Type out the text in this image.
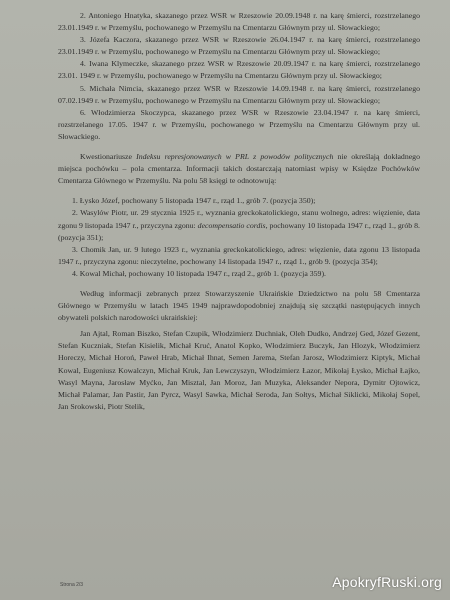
2. Antoniego Hnatyka, skazanego przez WSR w Rzeszowie 20.09.1948 r. na karę śmierci, rozstrzelanego 23.01.1949 r. w Przemyślu, pochowanego w Przemyślu na Cmentarzu Głównym przy ul. Słowackiego;

3. Józefa Kaczora, skazanego przez WSR w Rzeszowie 26.04.1947 r. na karę śmierci, rozstrzelanego 23.01.1949 r. w Przemyślu, pochowanego w Przemyślu na Cmentarzu Głównym przy ul. Słowackiego;

4. Iwana Klymeczke, skazanego przez WSR w Rzeszowie 20.09.1947 r. na karę śmierci, rozstrzelanego 23.01. 1949 r. w Przemyślu, pochowanego w Przemyślu na Cmentarzu Głównym przy ul. Słowackiego;

5. Michała Nimcia, skazanego przez WSR w Rzeszowie 14.09.1948 r. na karę śmierci, rozstrzelanego 07.02.1949 r. w Przemyślu, pochowanego w Przemyślu na Cmentarzu Głównym przy ul. Słowackiego;

6. Włodzimierza Skoczypca, skazanego przez WSR w Rzeszowie 23.04.1947 r. na karę śmierci, rozstrzelanego 17.05. 1947 r. w Przemyślu, pochowanego w Przemyślu na Cmentarzu Głównym przy ul. Słowackiego.

Kwestionariusze Indeksu represjonowanych w PRL z powodów politycznych nie określają dokładnego miejsca pochówku – pola cmentarza. Informacji takich dostarczają natomiast wpisy w Księdze Pochówków Cmentarza Głównego w Przemyślu. Na polu 58 księgi te odnotowują:

1. Łysko Józef, pochowany 5 listopada 1947 r., rząd 1., grób 7. (pozycja 350);

2. Wasylów Piotr, ur. 29 stycznia 1925 r., wyznania greckokatolickiego, stanu wolnego, adres: więzienie, data zgonu 9 listopada 1947 r., przyczyna zgonu: decompensatio cordis, pochowany 10 listopada 1947 r., rząd 1., grób 8. (pozycja 351);

3. Chomik Jan, ur. 9 lutego 1923 r., wyznania greckokatolickiego, adres: więzienie, data zgonu 13 listopada 1947 r., przyczyna zgonu: nieczytelne, pochowany 14 listopada 1947 r., rząd 1., grób 9. (pozycja 354);

4. Kowal Michał, pochowany 10 listopada 1947 r., rząd 2., grób 1. (pozycja 359).

Według informacji zebranych przez Stowarzyszenie Ukraińskie Dziedzictwo na polu 58 Cmentarza Głównego w Przemyślu w latach 1945 1949 najprawdopodobniej znajdują się szczątki następujących innych obywateli polskich narodowości ukraińskiej:

Jan Ajtal, Roman Biszko, Stefan Czupik, Włodzimierz Duchniak, Oleh Dudko, Andrzej Ged, Józef Gezent, Stefan Kuczniak, Stefan Kisielik, Michał Kruć, Anatol Kopko, Włodzimierz Buczyk, Jan Hlozyk, Włodzimierz Horeczy, Michał Horoń, Paweł Hrab, Michał Ihnat, Semen Jarema, Stefan Jarosz, Włodzimierz Kiptyk, Michał Kowal, Eugeniusz Kowalczyn, Michał Kruk, Jan Lewczyszyn, Włodzimierz Łazor, Mikołaj Łysko, Michał Łajko, Wasyl Mayna, Jarosław Myćko, Jan Misztal, Jan Moroz, Jan Muzyka, Aleksander Nepora, Dymitr Ojtowicz, Michał Palamar, Jan Pastir, Jan Pyrcz, Wasyl Sawka, Michał Seroda, Jan Sołtys, Michał Siklicki, Mikołaj Sopel, Jan Srokowski, Piotr Stelik,

Strona 2/3	ApokryfRuski.org
